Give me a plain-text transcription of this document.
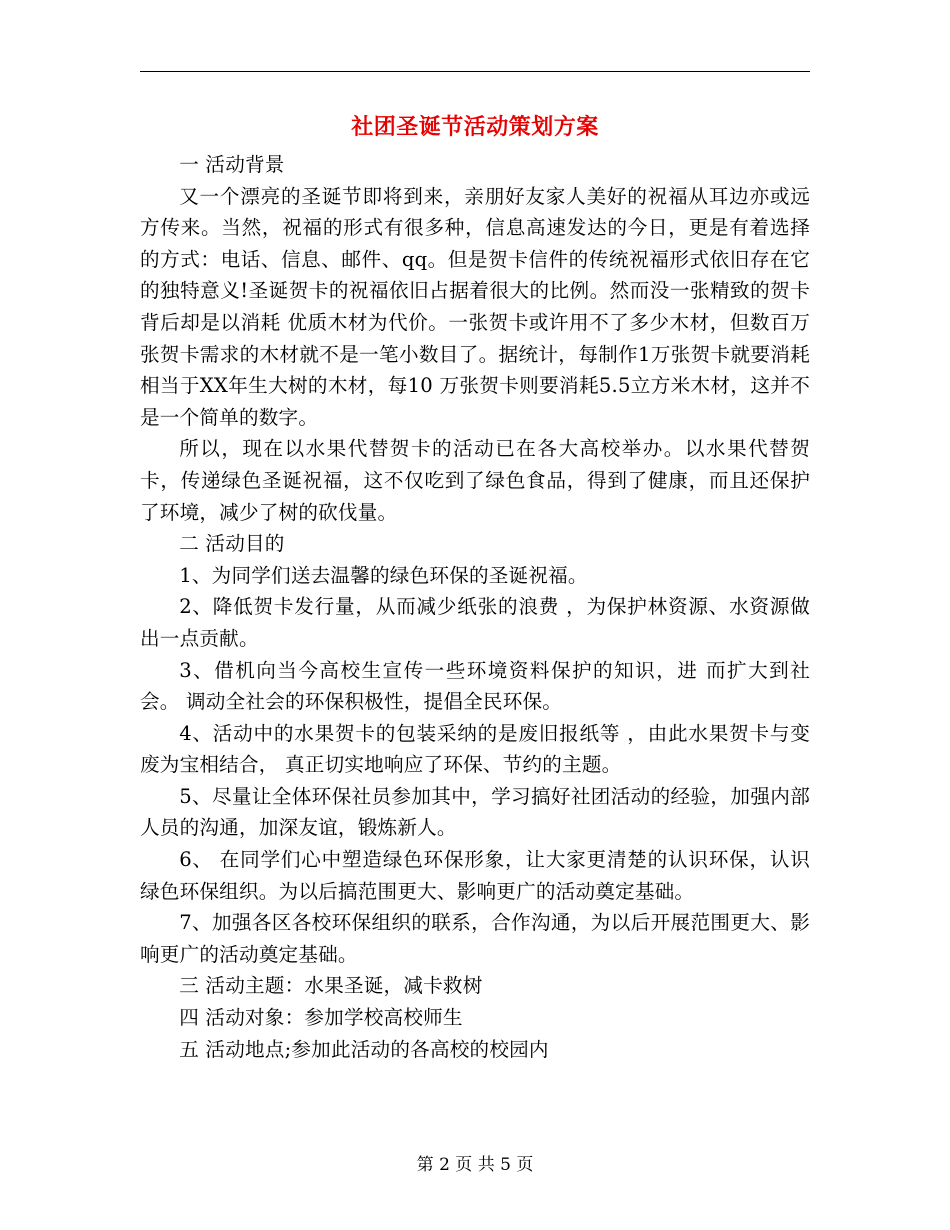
社团圣诞节活动策划方案

一 活动背景

又一个漂亮的圣诞节即将到来，亲朋好友家人美好的祝福从耳边亦或远方传来。当然，祝福的形式有很多种，信息高速发达的今日，更是有着选择的方式：电话、信息、邮件、qq。但是贺卡信件的传统祝福形式依旧存在它的独特意义!圣诞贺卡的祝福依旧占据着很大的比例。然而没一张精致的贺卡背后却是以消耗 优质木材为代价。一张贺卡或许用不了多少木材，但数百万张贺卡需求的木材就不是一笔小数目了。据统计，每制作1万张贺卡就要消耗相当于XX年生大树的木材，每10 万张贺卡则要消耗5.5立方米木材，这并不是一个简单的数字。

所以，现在以水果代替贺卡的活动已在各大高校举办。以水果代替贺卡，传递绿色圣诞祝福，这不仅吃到了绿色食品，得到了健康，而且还保护了环境，减少了树的砍伐量。

二 活动目的

1、为同学们送去温馨的绿色环保的圣诞祝福。

2、降低贺卡发行量，从而减少纸张的浪费 ，为保护林资源、水资源做出一点贡献。

3、借机向当今高校生宣传一些环境资料保护的知识，进 而扩大到社会。 调动全社会的环保积极性，提倡全民环保。

4、活动中的水果贺卡的包装采纳的是废旧报纸等 ，由此水果贺卡与变废为宝相结合， 真正切实地响应了环保、节约的主题。

5、尽量让全体环保社员参加其中，学习搞好社团活动的经验，加强内部人员的沟通，加深友谊，锻炼新人。

6、 在同学们心中塑造绿色环保形象，让大家更清楚的认识环保，认识绿色环保组织。为以后搞范围更大、影响更广的活动奠定基础。

7、加强各区各校环保组织的联系，合作沟通，为以后开展范围更大、影响更广的活动奠定基础。

三 活动主题：水果圣诞，减卡救树

四 活动对象：参加学校高校师生

五 活动地点;参加此活动的各高校的校园内

第 2 页 共 5 页
